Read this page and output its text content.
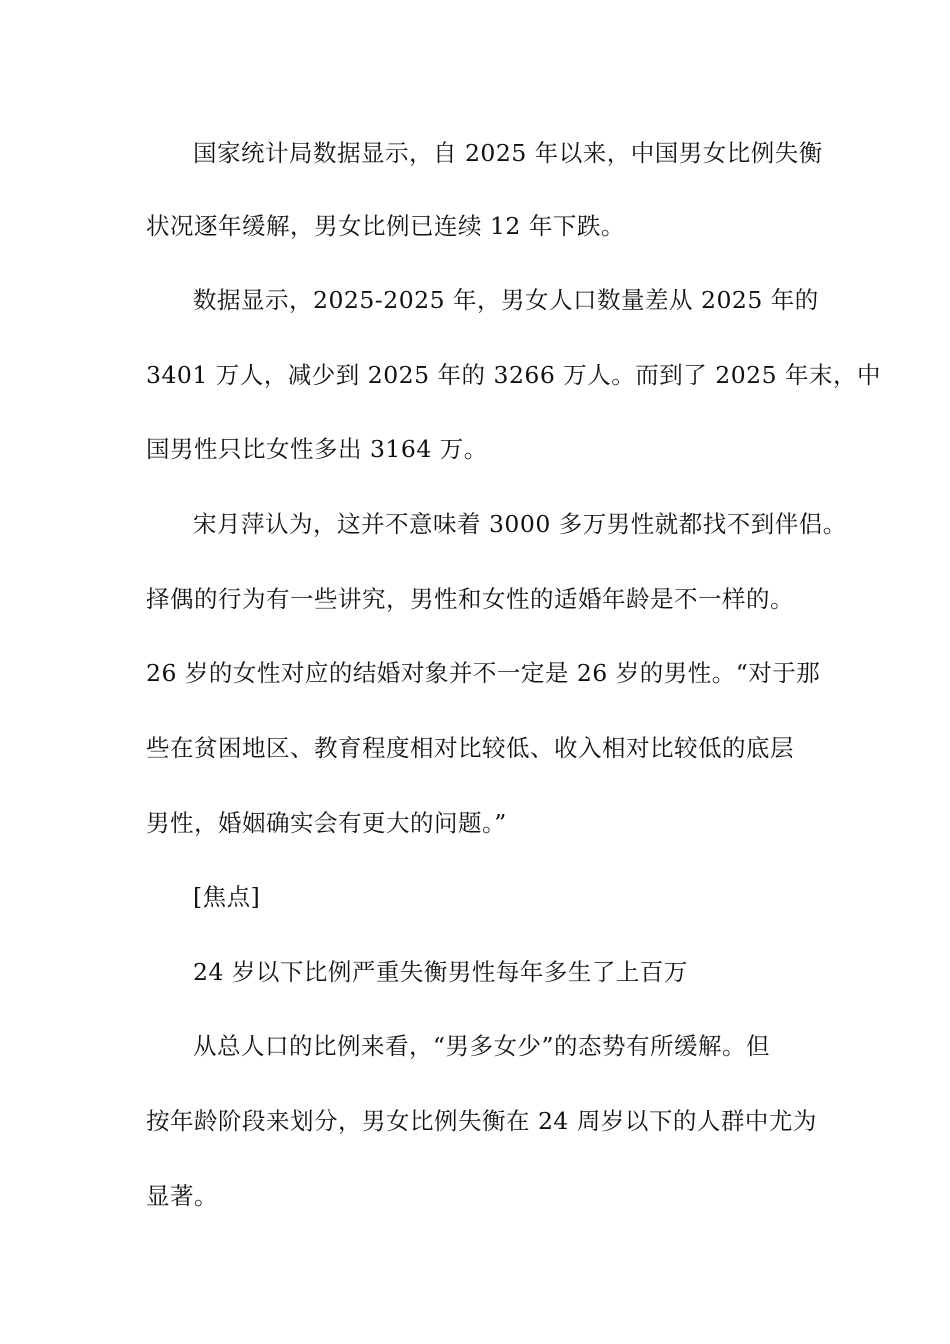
国家统计局数据显示，自 2025 年以来，中国男女比例失衡
状况逐年缓解，男女比例已连续 12 年下跌。
数据显示，2025-2025 年，男女人口数量差从 2025 年的
3401 万人，减少到 2025 年的 3266 万人。而到了 2025 年末，中
国男性只比女性多出 3164 万。
宋月萍认为，这并不意味着 3000 多万男性就都找不到伴侣。
择偶的行为有一些讲究，男性和女性的适婚年龄是不一样的。
26 岁的女性对应的结婚对象并不一定是 26 岁的男性。“对于那
些在贫困地区、教育程度相对比较低、收入相对比较低的底层
男性，婚姻确实会有更大的问题。”
[焦点]
24 岁以下比例严重失衡男性每年多生了上百万
从总人口的比例来看，“男多女少”的态势有所缓解。但
按年龄阶段来划分，男女比例失衡在 24 周岁以下的人群中尤为
显著。
